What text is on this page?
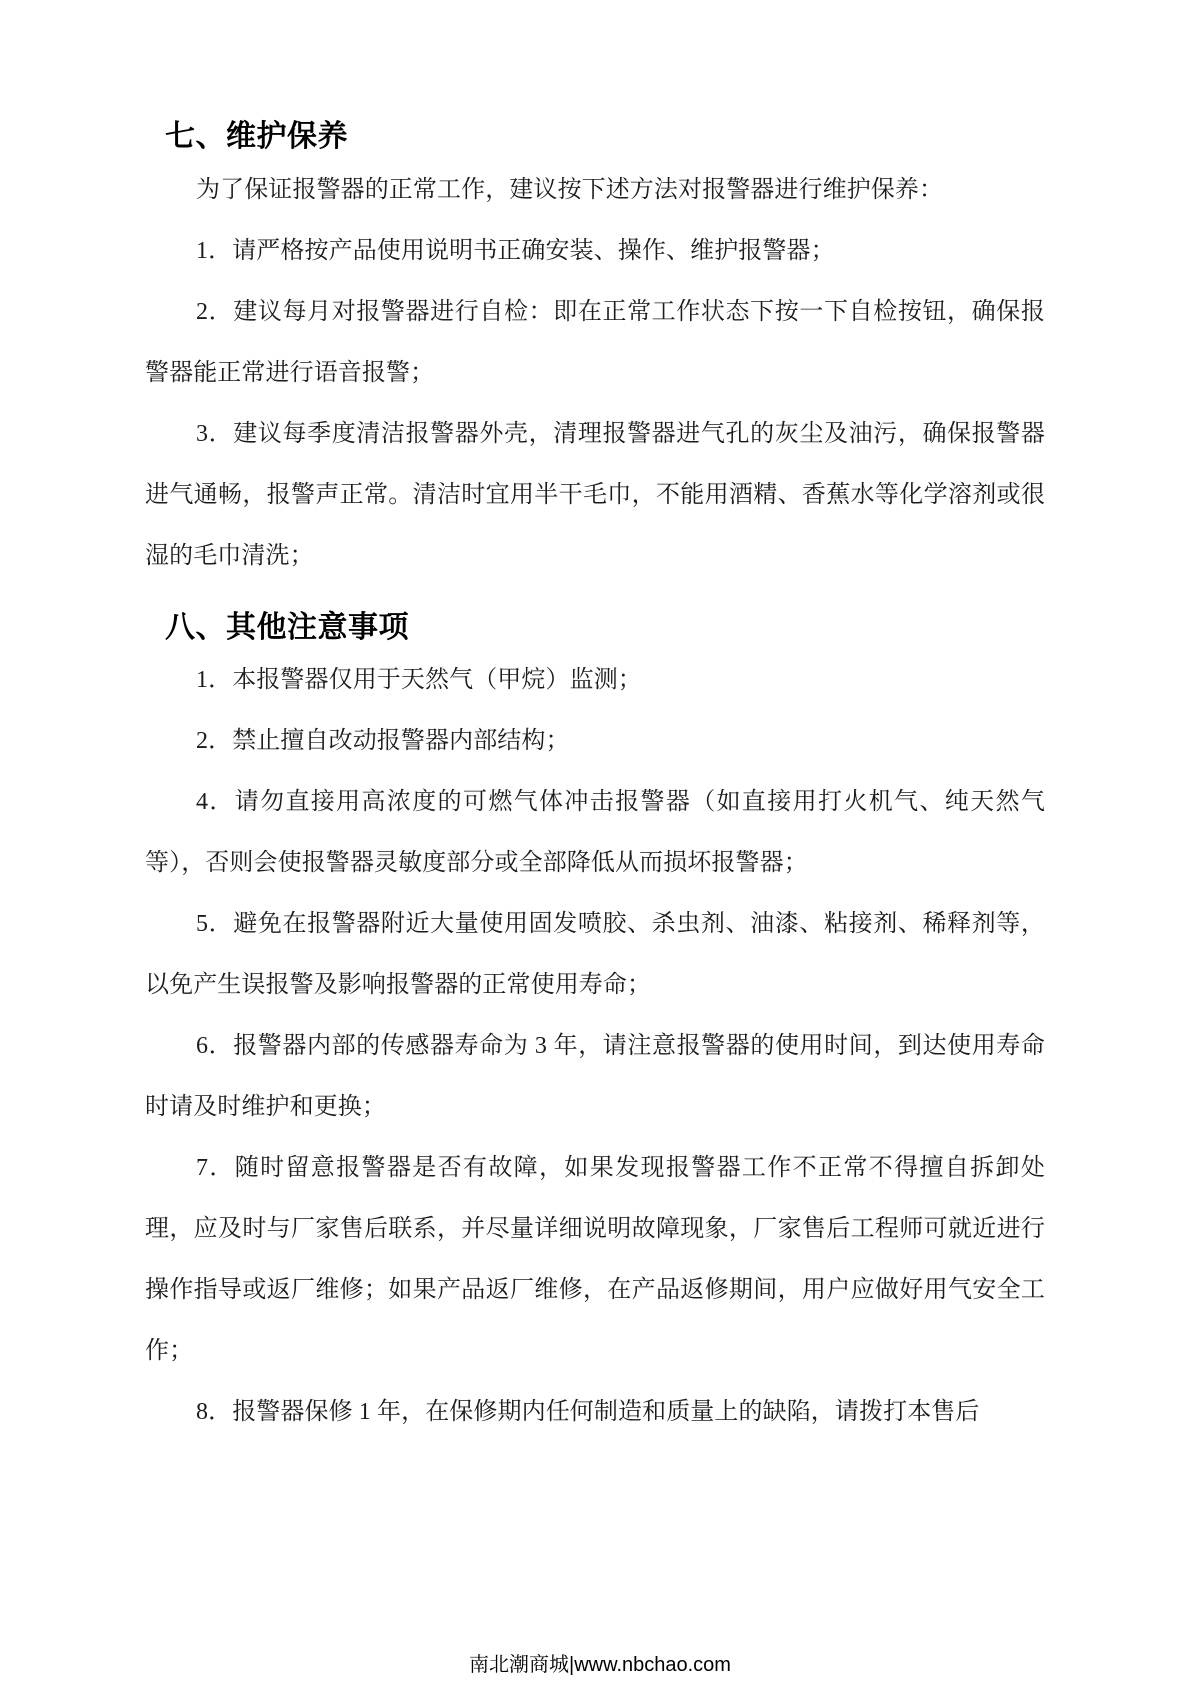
七、维护保养

为了保证报警器的正常工作，建议按下述方法对报警器进行维护保养：

1．请严格按产品使用说明书正确安装、操作、维护报警器；

2．建议每月对报警器进行自检：即在正常工作状态下按一下自检按钮，确保报警器能正常进行语音报警；

3．建议每季度清洁报警器外壳，清理报警器进气孔的灰尘及油污，确保报警器进气通畅，报警声正常。清洁时宜用半干毛巾，不能用酒精、香蕉水等化学溶剂或很湿的毛巾清洗；

八、其他注意事项

1．本报警器仅用于天然气（甲烷）监测；

2．禁止擅自改动报警器内部结构；

4．请勿直接用高浓度的可燃气体冲击报警器（如直接用打火机气、纯天然气等），否则会使报警器灵敏度部分或全部降低从而损坏报警器；

5．避免在报警器附近大量使用固发喷胶、杀虫剂、油漆、粘接剂、稀释剂等，以免产生误报警及影响报警器的正常使用寿命；

6．报警器内部的传感器寿命为 3 年，请注意报警器的使用时间，到达使用寿命时请及时维护和更换；

7．随时留意报警器是否有故障，如果发现报警器工作不正常不得擅自拆卸处理，应及时与厂家售后联系，并尽量详细说明故障现象，厂家售后工程师可就近进行操作指导或返厂维修；如果产品返厂维修，在产品返修期间，用户应做好用气安全工作；

8．报警器保修 1 年，在保修期内任何制造和质量上的缺陷，请拨打本售后

南北潮商城|www.nbchao.com
